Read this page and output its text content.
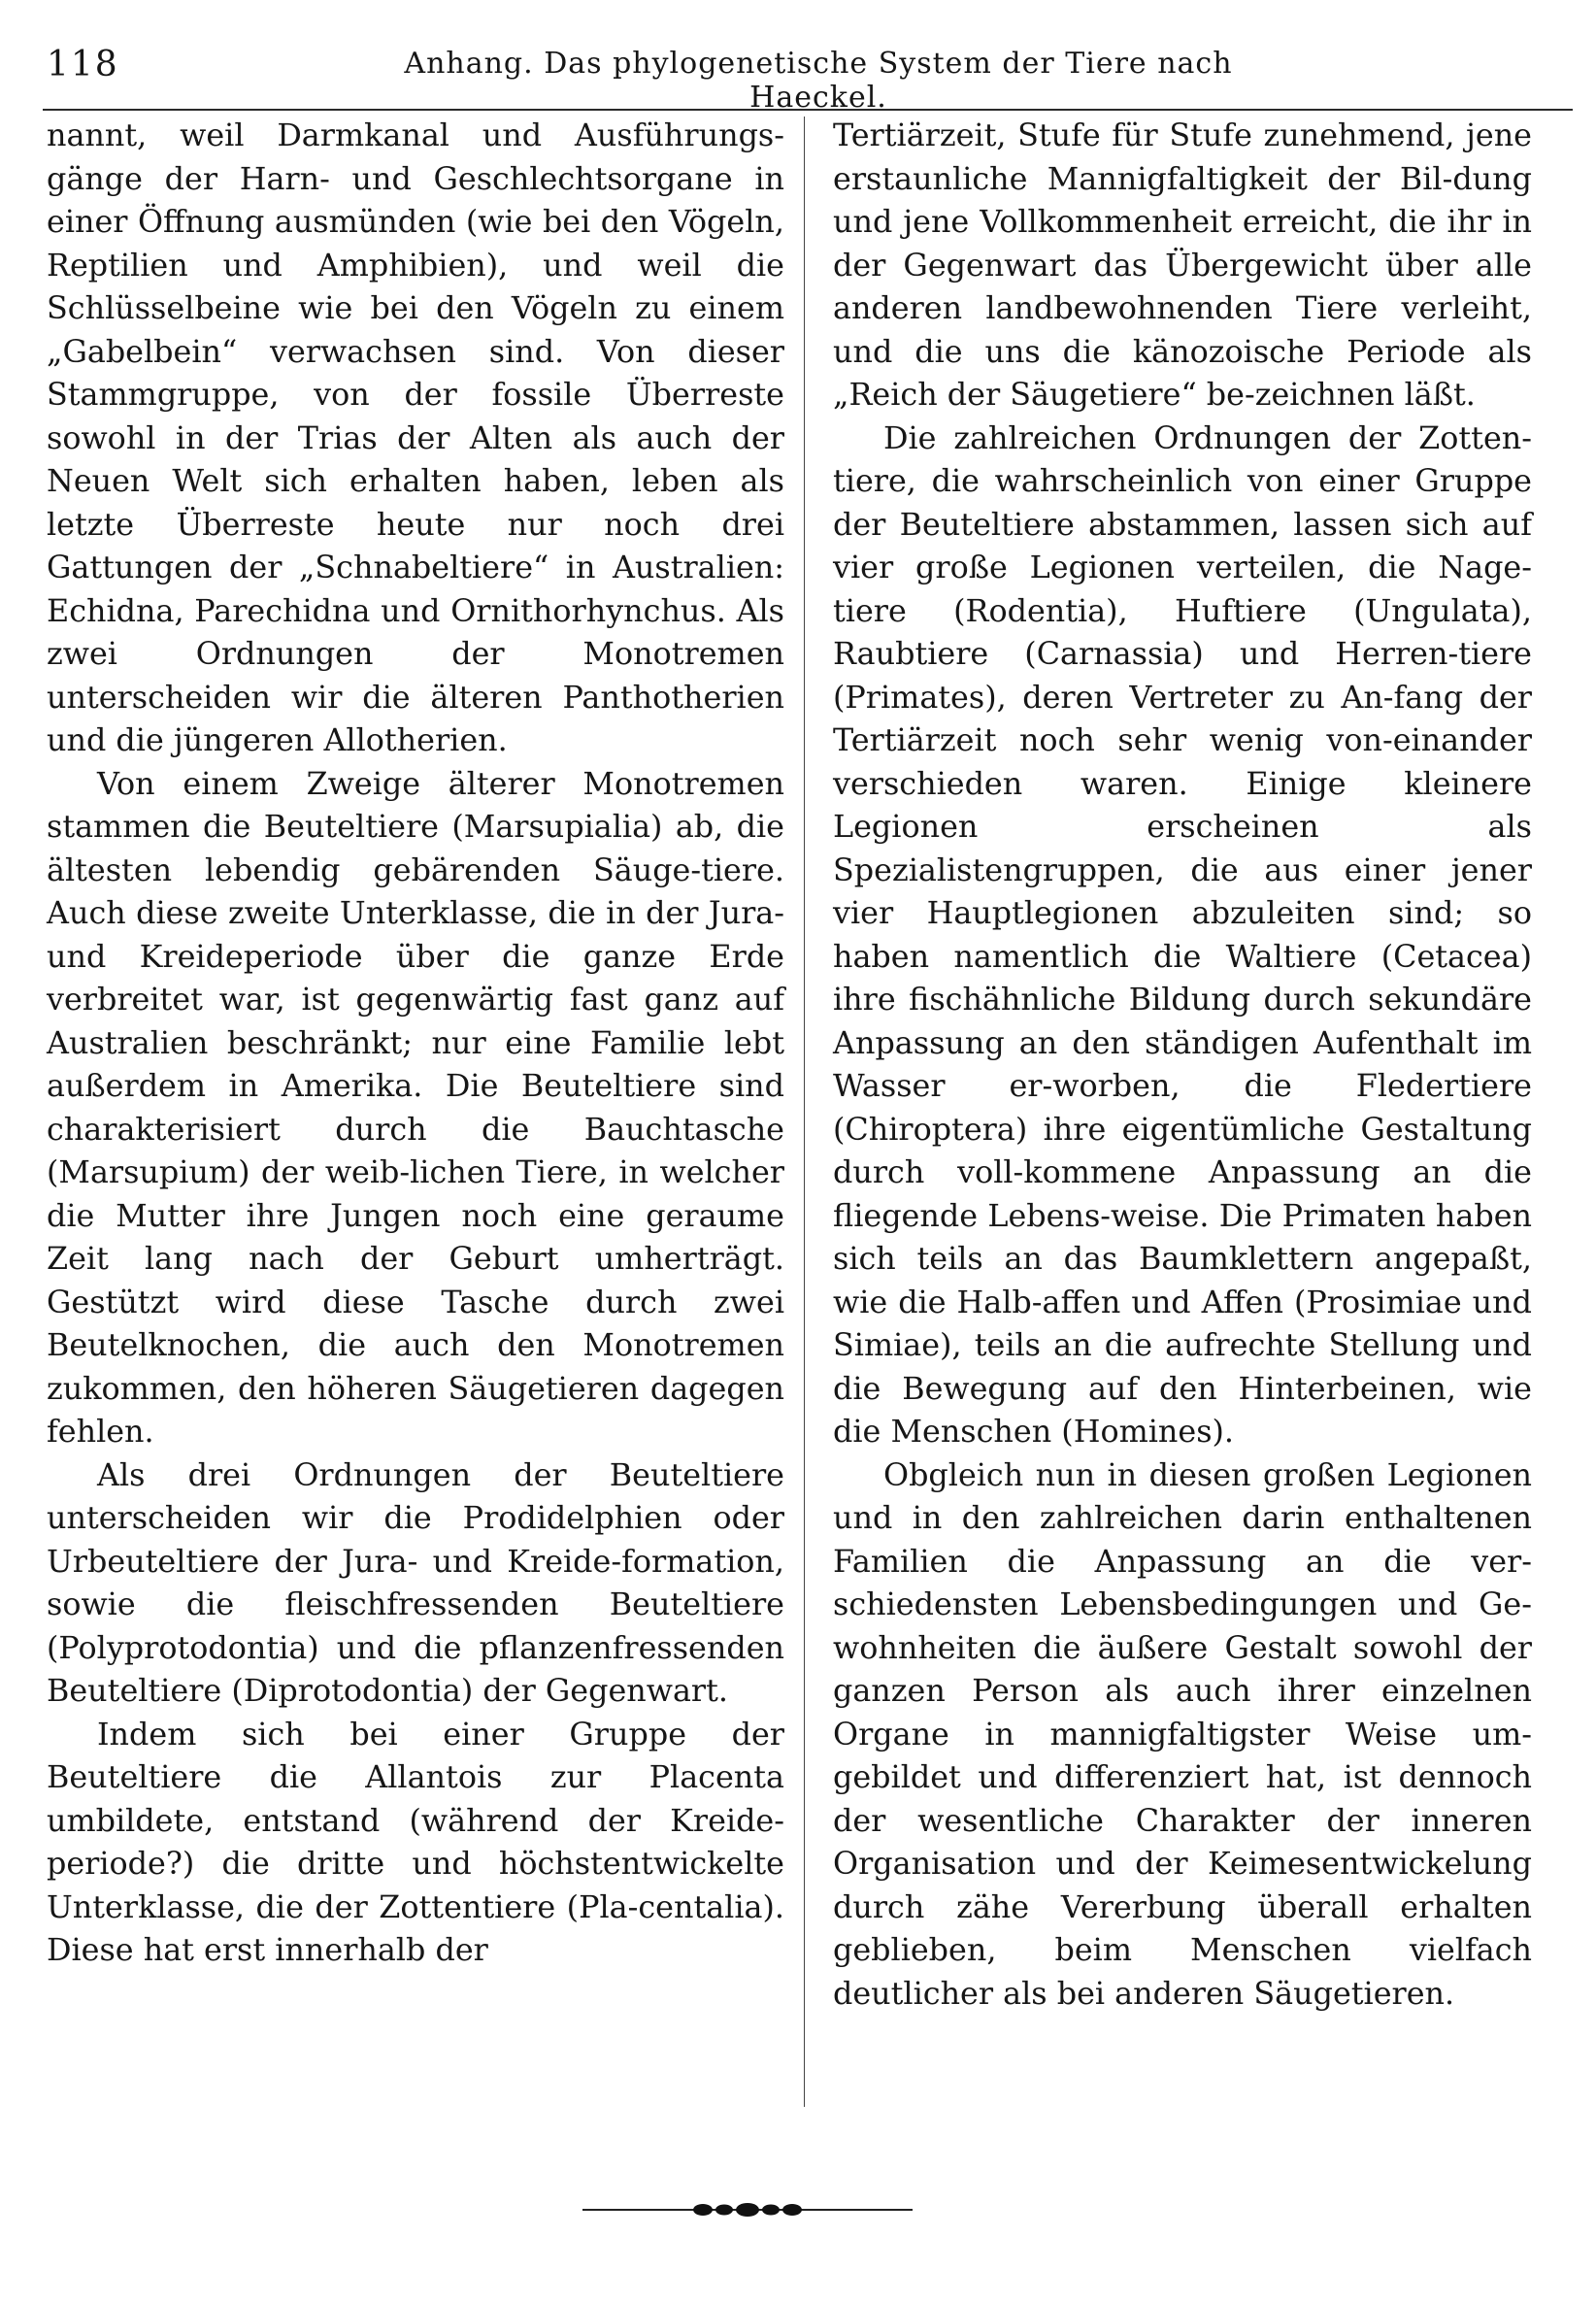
118	Anhang. Das phylogenetische System der Tiere nach Haeckel.

nannt, weil Darmkanal und Ausführungs-gänge der Harn- und Geschlechtsorgane in einer Öffnung ausmünden (wie bei den Vögeln, Reptilien und Amphibien), und weil die Schlüsselbeine wie bei den Vögeln zu einem „Gabelbein“ verwachsen sind. Von dieser Stammgruppe, von der fossile Überreste sowohl in der Trias der Alten als auch der Neuen Welt sich erhalten haben, leben als letzte Überreste heute nur noch drei Gattungen der „Schnabeltiere“ in Australien: Echidna, Parechidna und Ornithorhynchus. Als zwei Ordnungen der Monotremen unterscheiden wir die älteren Panthotherien und die jüngeren Allotherien.

Von einem Zweige älterer Monotremen stammen die Beuteltiere (Marsupialia) ab, die ältesten lebendig gebärenden Säuge-tiere. Auch diese zweite Unterklasse, die in der Jura- und Kreideperiode über die ganze Erde verbreitet war, ist gegenwärtig fast ganz auf Australien beschränkt; nur eine Familie lebt außerdem in Amerika. Die Beuteltiere sind charakterisiert durch die Bauchtasche (Marsupium) der weib-lichen Tiere, in welcher die Mutter ihre Jungen noch eine geraume Zeit lang nach der Geburt umherträgt. Gestützt wird diese Tasche durch zwei Beutelknochen, die auch den Monotremen zukommen, den höheren Säugetieren dagegen fehlen.

Als drei Ordnungen der Beuteltiere unterscheiden wir die Prodidelphien oder Urbeuteltiere der Jura- und Kreide-formation, sowie die fleischfressenden Beuteltiere (Polyprotodontia) und die pflanzenfressenden Beuteltiere (Diprotodontia) der Gegenwart.

Indem sich bei einer Gruppe der Beuteltiere die Allantois zur Placenta umbildete, entstand (während der Kreide-periode?) die dritte und höchstentwickelte Unterklasse, die der Zottentiere (Pla-centalia). Diese hat erst innerhalb der

Tertiärzeit, Stufe für Stufe zunehmend, jene erstaunliche Mannigfaltigkeit der Bil-dung und jene Vollkommenheit erreicht, die ihr in der Gegenwart das Übergewicht über alle anderen landbewohnenden Tiere verleiht, und die uns die känozoische Periode als „Reich der Säugetiere“ be-zeichnen läßt.

Die zahlreichen Ordnungen der Zotten-tiere, die wahrscheinlich von einer Gruppe der Beuteltiere abstammen, lassen sich auf vier große Legionen verteilen, die Nage-tiere (Rodentia), Huftiere (Ungulata), Raubtiere (Carnassia) und Herren-tiere (Primates), deren Vertreter zu An-fang der Tertiärzeit noch sehr wenig von-einander verschieden waren. Einige kleinere Legionen erscheinen als Spezialistengruppen, die aus einer jener vier Hauptlegionen abzuleiten sind; so haben namentlich die Waltiere (Cetacea) ihre fischähnliche Bildung durch sekundäre Anpassung an den ständigen Aufenthalt im Wasser er-worben, die Fledertiere (Chiroptera) ihre eigentümliche Gestaltung durch voll-kommene Anpassung an die fliegende Lebens-weise. Die Primaten haben sich teils an das Baumklettern angepaßt, wie die Halb-affen und Affen (Prosimiae und Simiae), teils an die aufrechte Stellung und die Bewegung auf den Hinterbeinen, wie die Menschen (Homines).

Obgleich nun in diesen großen Legionen und in den zahlreichen darin enthaltenen Familien die Anpassung an die ver-schiedensten Lebensbedingungen und Ge-wohnheiten die äußere Gestalt sowohl der ganzen Person als auch ihrer einzelnen Organe in mannigfaltigster Weise um-gebildet und differenziert hat, ist dennoch der wesentliche Charakter der inneren Organisation und der Keimesentwickelung durch zähe Vererbung überall erhalten geblieben, beim Menschen vielfach deutlicher als bei anderen Säugetieren.
